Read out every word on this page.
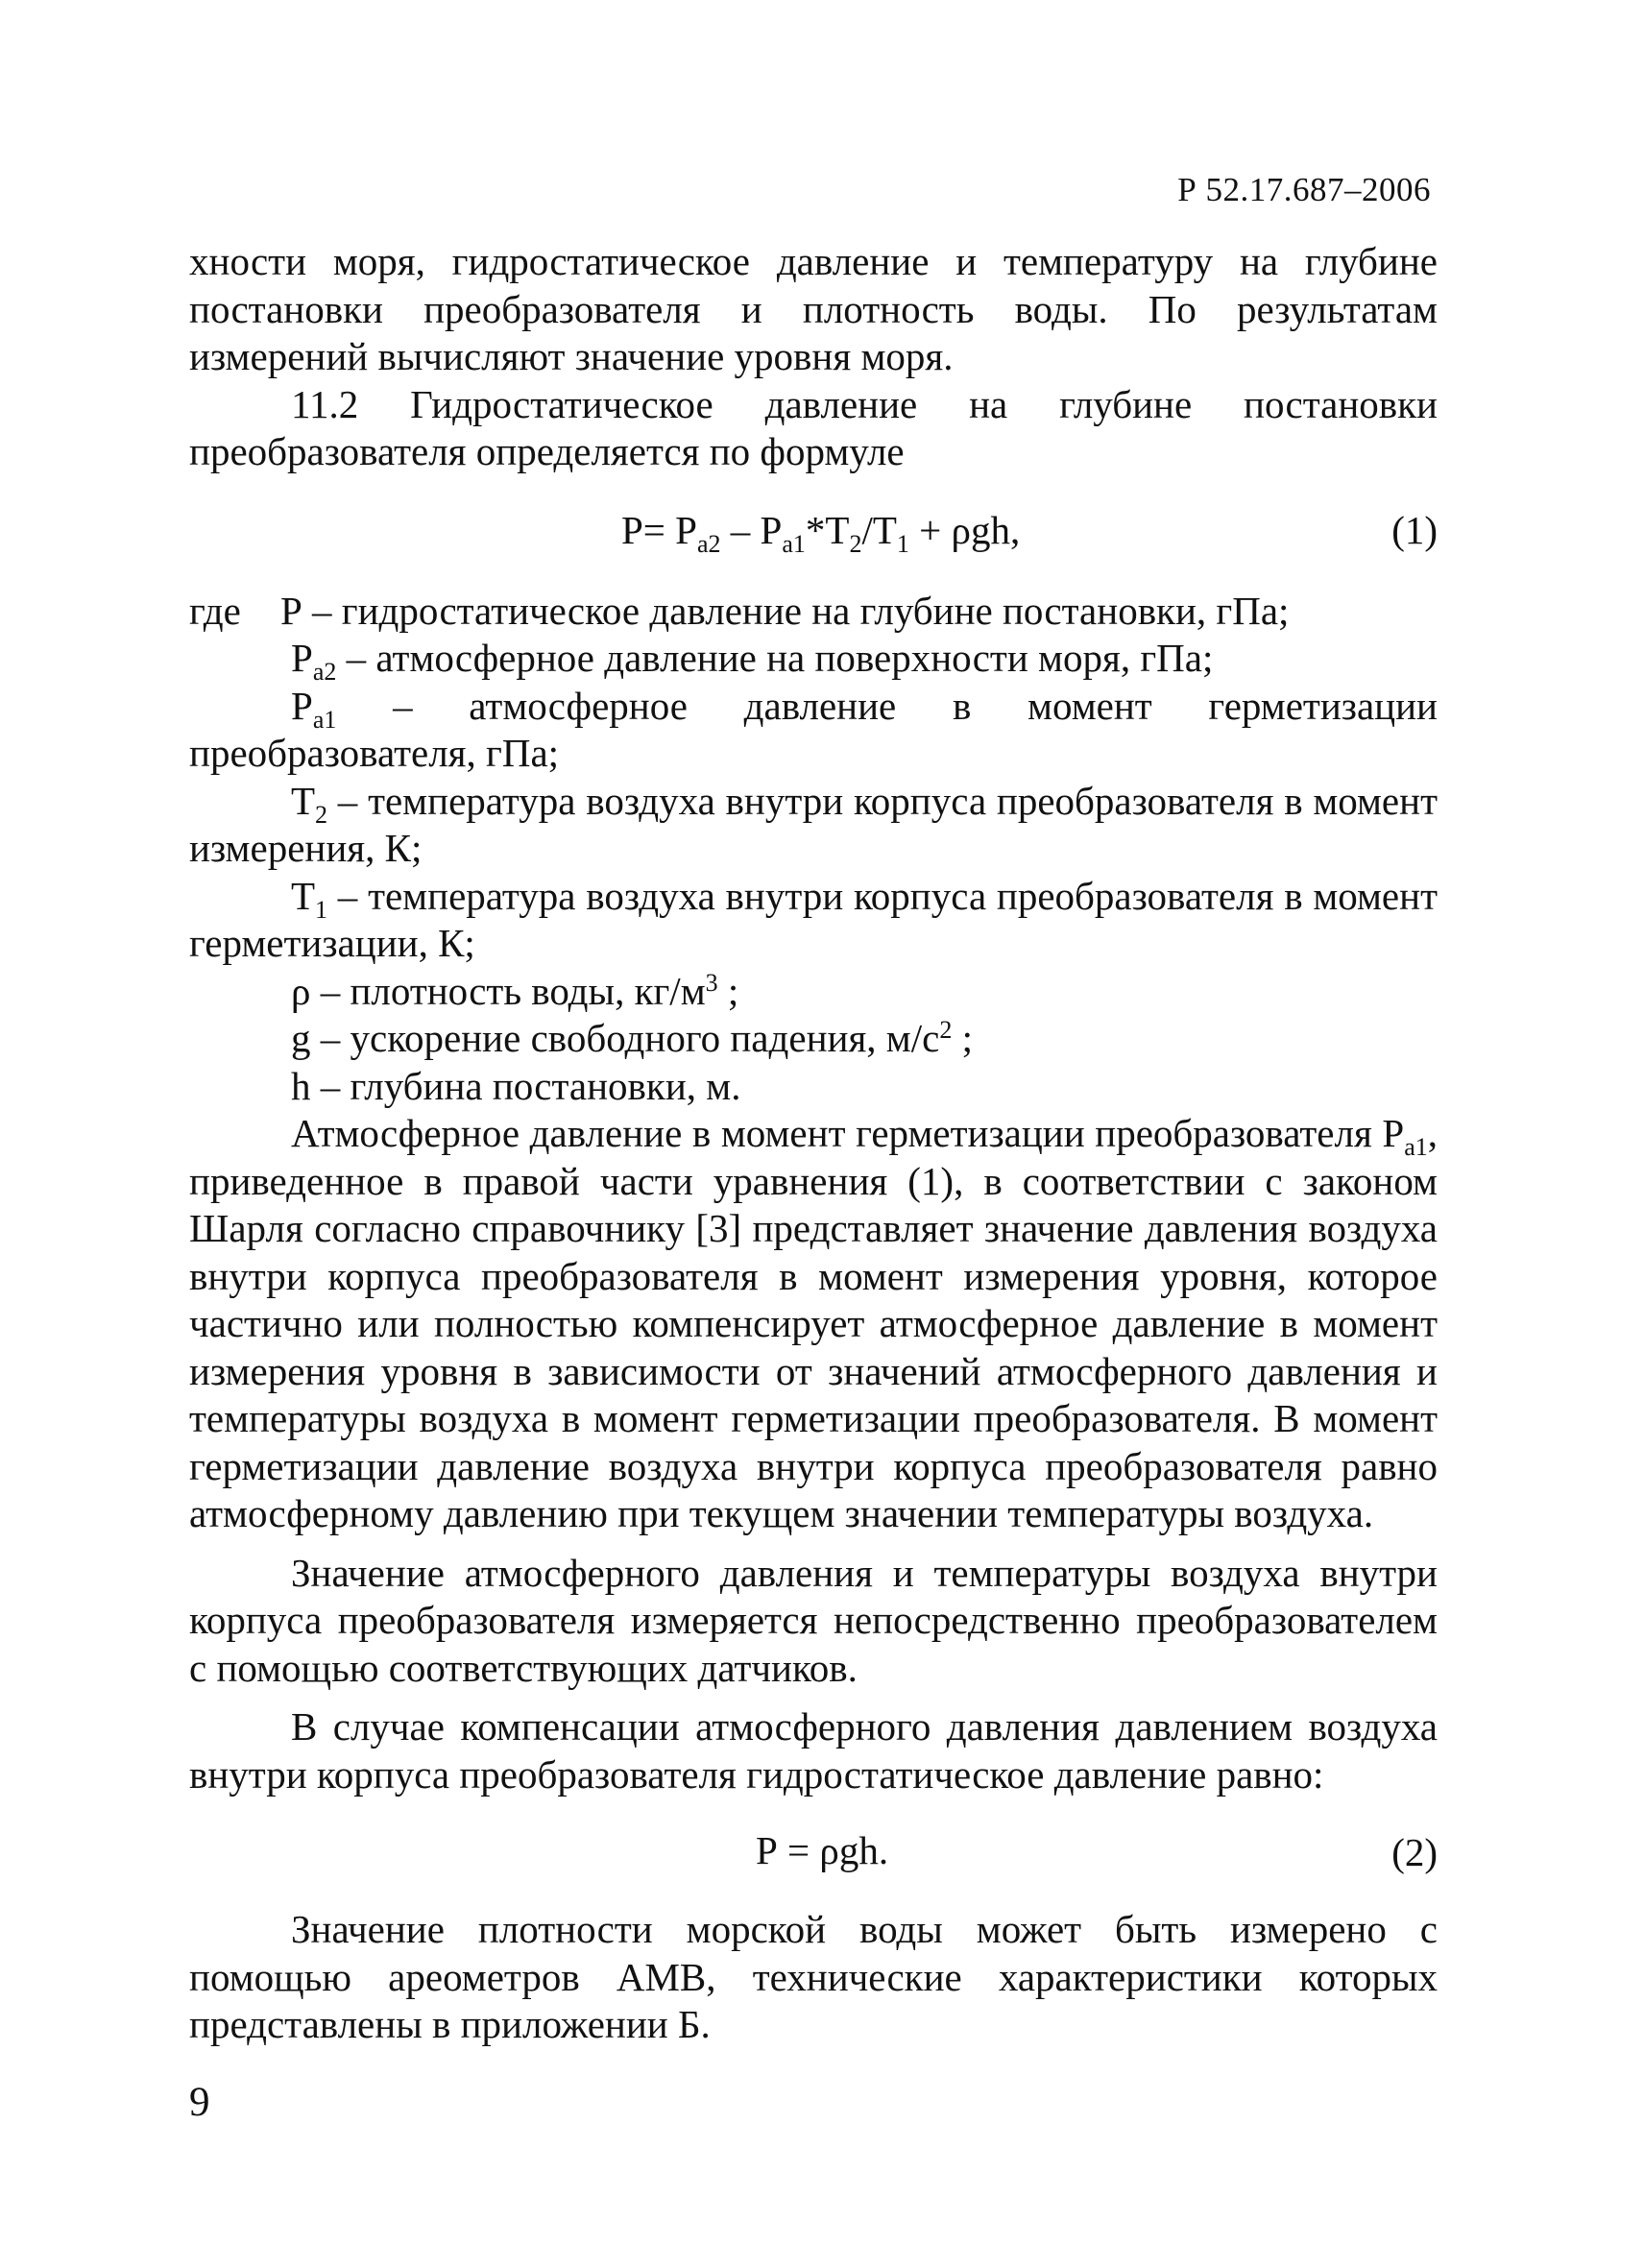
Р 52.17.687–2006

хности моря, гидростатическое давление и температуру на глубине постановки преобразователя и плотность воды. По результатам измерений вычисляют значение уровня моря.

11.2 Гидростатическое давление на глубине постановки преобразователя определяется по формуле

$P= P_{a2} - P_{a1}*T_2/T_1 + \rho gh$,	(1)

где Р – гидростатическое давление на глубине постановки, гПа;

$Р_{а2}$ – атмосферное давление на поверхности моря, гПа;

$Р_{а1}$ – атмосферное давление в момент герметизации преобразователя, гПа;

$Т_2$ – температура воздуха внутри корпуса преобразователя в момент измерения, К;

$Т_1$ – температура воздуха внутри корпуса преобразователя в момент герметизации, К;

ρ – плотность воды, $кг/м^3$ ;

g – ускорение свободного падения, $м/с^2$ ;

h – глубина постановки, м.

Атмосферное давление в момент герметизации преобразователя $Р_{а1}$, приведенное в правой части уравнения (1), в соответствии с законом Шарля согласно справочнику [3] представляет значение давления воздуха внутри корпуса преобразователя в момент измерения уровня, которое частично или полностью компенсирует атмосферное давление в момент измерения уровня в зависимости от значений атмосферного давления и температуры воздуха в момент герметизации преобразователя. В момент герметизации давление воздуха внутри корпуса преобразователя равно атмосферному давлению при текущем значении температуры воздуха.

Значение атмосферного давления и температуры воздуха внутри корпуса преобразователя измеряется непосредственно преобразователем с помощью соответствующих датчиков.

В случае компенсации атмосферного давления давлением воздуха внутри корпуса преобразователя гидростатическое давление равно:

Р = ρgh.	(2)

Значение плотности морской воды может быть измерено с помощью ареометров АМВ, технические характеристики которых представлены в приложении Б.

9
